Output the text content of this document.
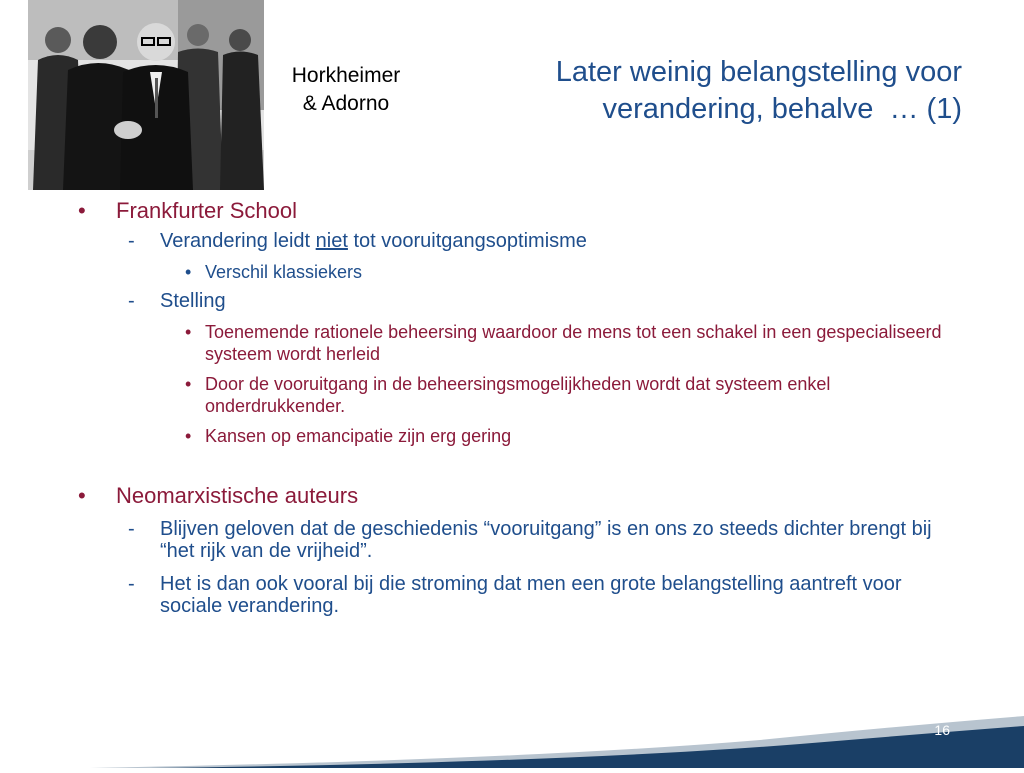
Horkheimer
& Adorno
Later weinig belangstelling voor
verandering, behalve  … (1)
• Frankfurter School
- Verandering leidt niet tot vooruitgangsoptimisme
• Verschil klassiekers
- Stelling
• Toenemende rationele beheersing waardoor de mens tot een schakel in een gespecialiseerd systeem wordt herleid
• Door de vooruitgang in de beheersingsmogelijkheden wordt dat systeem enkel onderdrukkender.
• Kansen op emancipatie zijn erg gering
• Neomarxistische auteurs
- Blijven geloven dat de geschiedenis “vooruitgang” is en ons zo steeds dichter brengt bij “het rijk van de vrijheid”.
- Het is dan ook vooral bij die stroming dat men een grote belangstelling aantreft voor sociale verandering.
16
